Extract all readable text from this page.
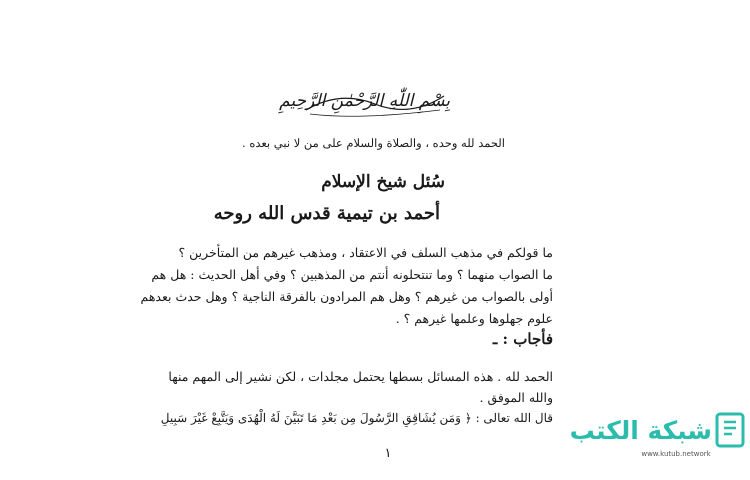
بِسْمِ اللّٰهِ الرَّحْمٰنِ الرَّحِيمِ
الحمد لله وحده ، والصلاة والسلام على من لا نبي بعده .
سُئل شيخ الإسلام
أحمد بن تيمية قدس الله روحه
ما قولكم في مذهب السلف في الاعتقاد ، ومذهب غيرهم من المتأخرين ؟
ما الصواب منهما ؟ وما تنتحلونه أنتم من المذهبين ؟ وفي أهل الحديث : هل هم
أولى بالصواب من غيرهم ؟ وهل هم المرادون بالفرقة الناجية ؟ وهل حدث بعدهم
علوم جهلوها وعلمها غيرهم ؟ .
فأجاب : ـ
الحمد لله . هذه المسائل بسطها يحتمل مجلدات ، لكن نشير إلى المهم منها
والله الموفق .
قال الله تعالى : ﴿ وَمَن يُشَاقِقِ الرَّسُولَ مِن بَعْدِ مَا تَبَيَّنَ لَهُ الْهُدَى وَيَتَّبِعْ غَيْرَ سَبِيلِ
١
شبكة الكتب
www.kutub.network
